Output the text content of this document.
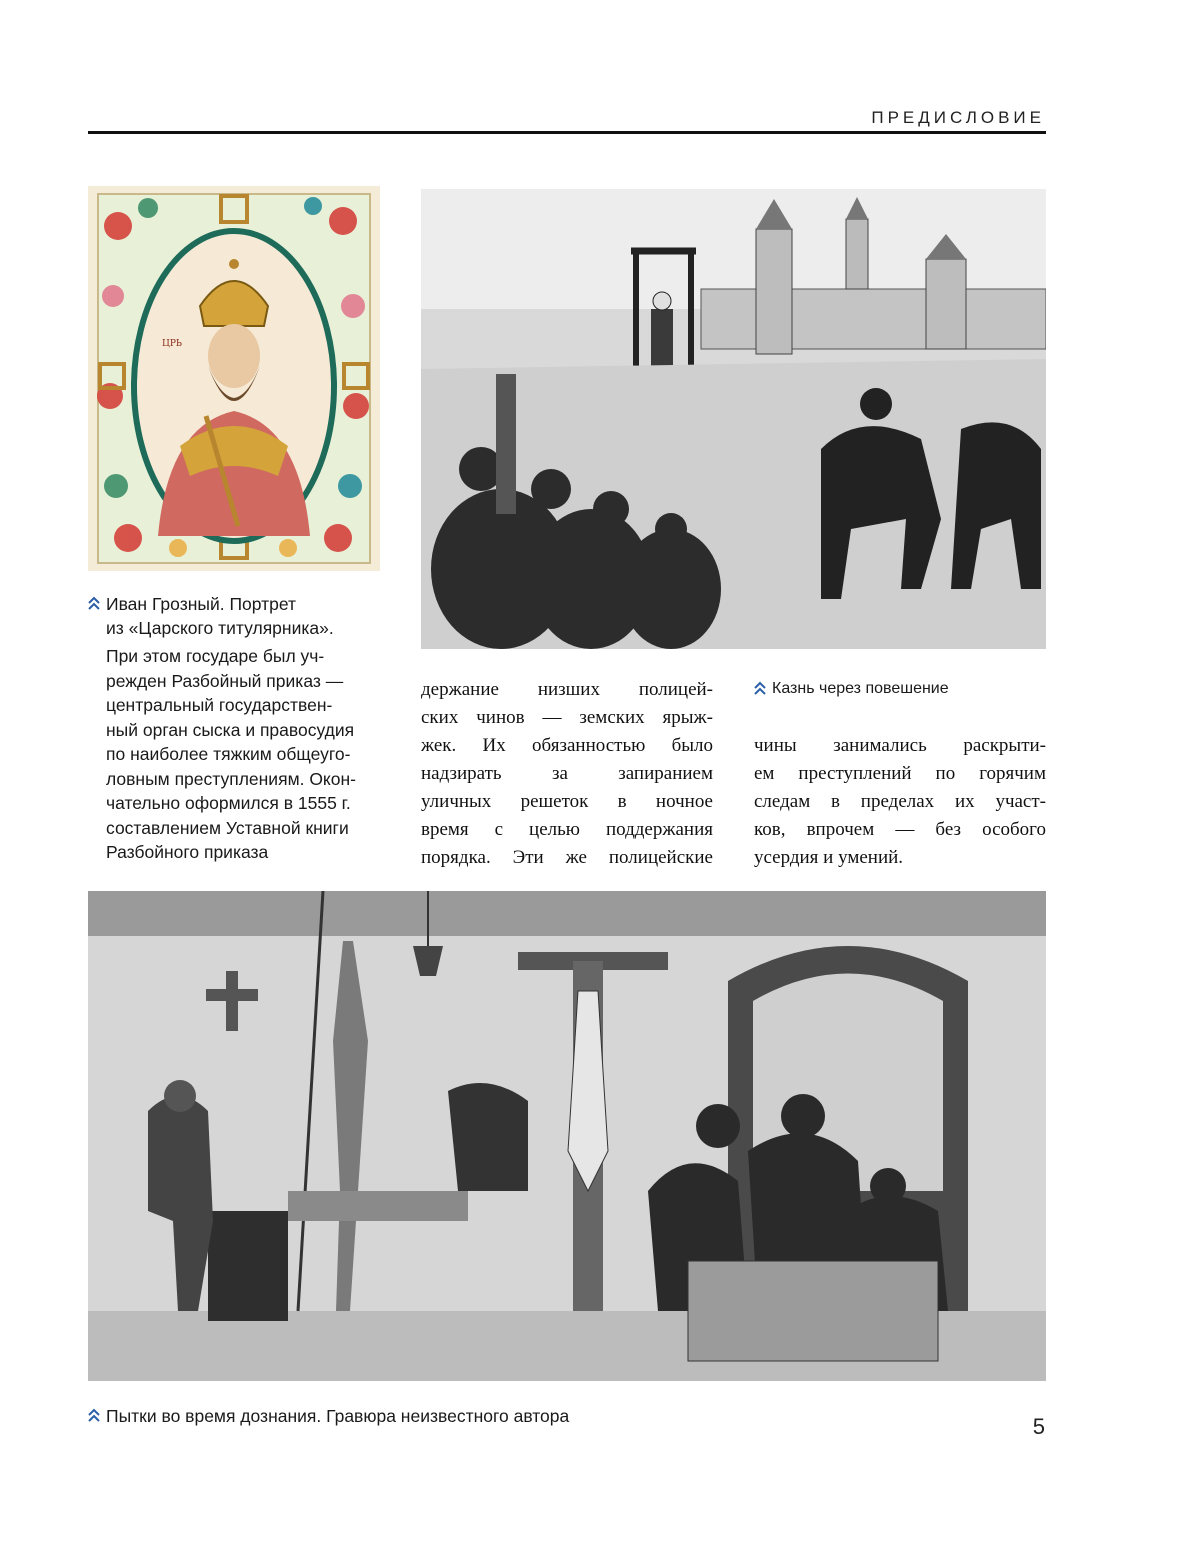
ПРЕДИСЛОВИЕ
ЦРЬ
Иван Грозный. Портрет
из «Царского титулярника».
При этом государе был уч-
режден Разбойный приказ —
центральный государствен-
ный орган сыска и правосудия
по наиболее тяжким общеуго-
ловным преступлениям. Окон-
чательно оформился в 1555 г.
составлением Уставной книги
Разбойного приказа
держание низших полицей-
ских чинов — земских ярыж-
жек. Их обязанностью было
надзирать за запиранием
уличных решеток в ночное
время с целью поддержания
порядка. Эти же полицейские
Казнь через повешение
чины занимались раскрыти-
ем преступлений по горячим
следам в пределах их участ-
ков, впрочем — без особого
усердия и умений.
Пытки во время дознания. Гравюра неизвестного автора	5
